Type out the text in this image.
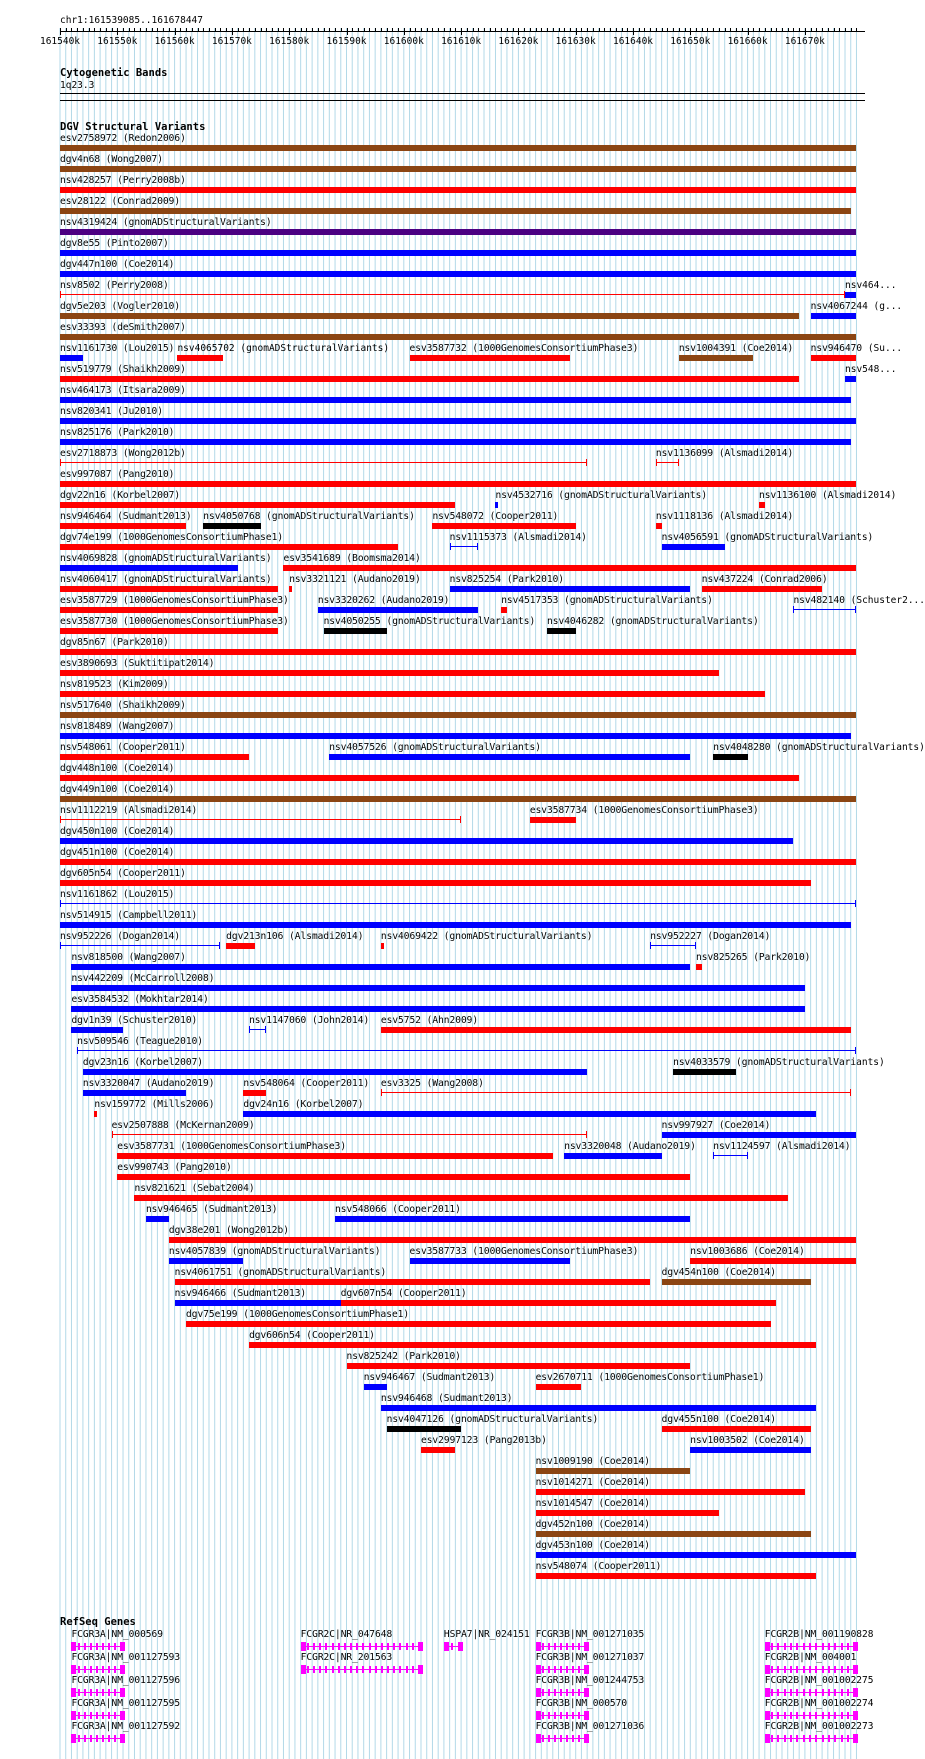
chr1:161539085..161678447
161540k 161550k 161560k 161570k 161580k 161590k 161600k 161610k 161620k 161630k 161640k 161650k 161660k 161670k
Cytogenetic Bands
1q23.3
DGV Structural Variants
esv2758972 (Redon2006)
dgv4n68 (Wong2007)
nsv428257 (Perry2008b)
esv28122 (Conrad2009)
nsv4319424 (gnomADStructuralVariants)
dgv8e55 (Pinto2007)
dgv447n100 (Coe2014)
nsv8502 (Perry2008)	nsv464...
dgv5e203 (Vogler2010)	nsv4067244 (g...
esv33393 (deSmith2007)
nsv1161730 (Lou2015) nsv4065702 (gnomADStructuralVariants) esv3587732 (1000GenomesConsortiumPhase3)	nsv1004391 (Coe2014) nsv946470 (Su...
nsv519779 (Shaikh2009)	nsv548...
nsv464173 (Itsara2009)
nsv820341 (Ju2010)
nsv825176 (Park2010)
esv2718873 (Wong2012b)	nsv1136099 (Alsmadi2014)
esv997087 (Pang2010)
dgv22n16 (Korbel2007)	nsv4532716 (gnomADStructuralVariants)	nsv1136100 (Alsmadi2014)
nsv946464 (Sudmant2013) nsv4050768 (gnomADStructuralVariants) nsv548072 (Cooper2011)	nsv1118136 (Alsmadi2014)
dgv74e199 (1000GenomesConsortiumPhase1)	nsv1115373 (Alsmadi2014)	nsv4056591 (gnomADStructuralVariants)
nsv4069828 (gnomADStructuralVariants) esv3541689 (Boomsma2014)
nsv4060417 (gnomADStructuralVariants) nsv3321121 (Audano2019)	nsv825254 (Park2010)	nsv437224 (Conrad2006)
esv3587729 (1000GenomesConsortiumPhase3)	nsv3320262 (Audano2019)	nsv4517353 (gnomADStructuralVariants)	nsv482140 (Schuster2...
esv3587730 (1000GenomesConsortiumPhase3)	nsv4050255 (gnomADStructuralVariants) nsv4046282 (gnomADStructuralVariants)
dgv85n67 (Park2010)
esv3890693 (Suktitipat2014)
nsv819523 (Kim2009)
nsv517640 (Shaikh2009)
nsv818489 (Wang2007)
nsv548061 (Cooper2011)	nsv4057526 (gnomADStructuralVariants)	nsv4048280 (gnomADStructuralVariants)
dgv448n100 (Coe2014)
dgv449n100 (Coe2014)
nsv1112219 (Alsmadi2014)	esv3587734 (1000GenomesConsortiumPhase3)
dgv450n100 (Coe2014)
dgv451n100 (Coe2014)
dgv605n54 (Cooper2011)
nsv1161862 (Lou2015)
nsv514915 (Campbell2011)
nsv952226 (Dogan2014)	dgv213n106 (Alsmadi2014) nsv4069422 (gnomADStructuralVariants)	nsv952227 (Dogan2014)
nsv818500 (Wang2007)	nsv825265 (Park2010)
nsv442209 (McCarroll2008)
esv3584532 (Mokhtar2014)
dgv1n39 (Schuster2010)	nsv1147060 (John2014) esv5752 (Ahn2009)
nsv509546 (Teague2010)
dgv23n16 (Korbel2007)	nsv4033579 (gnomADStructuralVariants)
nsv3320047 (Audano2019)	nsv548064 (Cooper2011) esv3325 (Wang2008)
nsv159772 (Mills2006)	dgv24n16 (Korbel2007)
esv2507888 (McKernan2009)	nsv997927 (Coe2014)
esv3587731 (1000GenomesConsortiumPhase3)	nsv3320048 (Audano2019) nsv1124597 (Alsmadi2014)
esv990743 (Pang2010)
nsv821621 (Sebat2004)
nsv946465 (Sudmant2013)	nsv548066 (Cooper2011)
dgv38e201 (Wong2012b)
nsv4057839 (gnomADStructuralVariants)	esv3587733 (1000GenomesConsortiumPhase3)	nsv1003686 (Coe2014)
nsv4061751 (gnomADStructuralVariants)	dgv454n100 (Coe2014)
nsv946466 (Sudmant2013)	dgv607n54 (Cooper2011)
dgv75e199 (1000GenomesConsortiumPhase1)
dgv606n54 (Cooper2011)
nsv825242 (Park2010)
nsv946467 (Sudmant2013)	esv2670711 (1000GenomesConsortiumPhase1)
nsv946468 (Sudmant2013)
nsv4047126 (gnomADStructuralVariants)	dgv455n100 (Coe2014)
esv2997123 (Pang2013b)	nsv1003502 (Coe2014)
nsv1009190 (Coe2014)
nsv1014271 (Coe2014)
nsv1014547 (Coe2014)
dgv452n100 (Coe2014)
dgv453n100 (Coe2014)
nsv548074 (Cooper2011)
RefSeq Genes
FCGR3A|NM_000569
FCGR3A|NM_001127593
FCGR3A|NM_001127596
FCGR3A|NM_001127595
FCGR3A|NM_001127592
FCGR2C|NR_047648
FCGR2C|NR_201563
HSPA7|NR_024151 FCGR3B|NM_001271035
FCGR3B|NM_001271037
FCGR3B|NM_001244753
FCGR3B|NM_000570
FCGR3B|NM_001271036
FCGR2B|NM_001190828
FCGR2B|NM_004001
FCGR2B|NM_001002275
FCGR2B|NM_001002274
FCGR2B|NM_001002273
